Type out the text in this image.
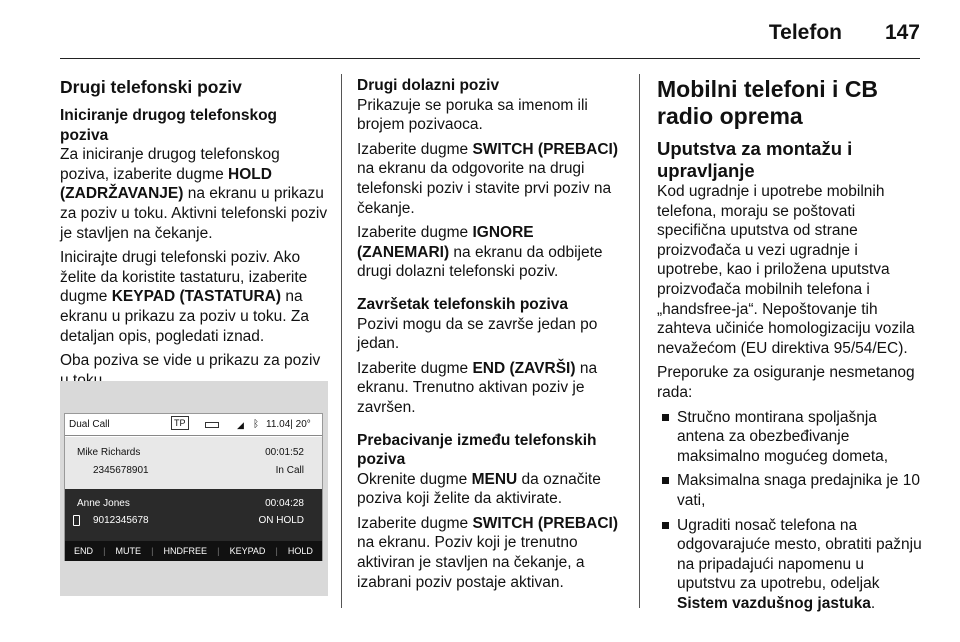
Telefon 147
Drugi telefonski poziv
Iniciranje drugog telefonskog poziva

Za iniciranje drugog telefonskog poziva, izaberite dugme HOLD (ZADRŽAVANJE) na ekranu u prikazu za poziv u toku. Aktivni telefonski poziv je stavljen na čekanje.

Inicirajte drugi telefonski poziv. Ako želite da koristite tastaturu, izaberite dugme KEYPAD (TASTATURA) na ekranu u prikazu za poziv u toku. Za detaljan opis, pogledati iznad.

Oba poziva se vide u prikazu za poziv

Dual Call	TP	◢ ᛒ 11.04| 20°
Mike Richards
2345678901
00:01:52
In Call
Anne Jones
9012345678
00:04:28
ON HOLD
END | MUTE | HNDFREE | KEYPAD | HOLD
Drugi dolazni poziv

Prikazuje se poruka sa imenom ili brojem pozivaoca.

Izaberite dugme SWITCH (PREBACI) na ekranu da odgovorite na drugi telefonski poziv i stavite prvi poziv na čekanje.

Izaberite dugme IGNORE (ZANEMARI) na ekranu da odbijete drugi dolazni telefonski poziv.

Završetak telefonskih poziva

Pozivi mogu da se završe jedan po jedan.

Izaberite dugme END (ZAVRŠI) na ekranu. Trenutno aktivan poziv je završen.

Prebacivanje između telefonskih poziva

Okrenite dugme MENU da označite poziva koji želite da aktivirate.

Izaberite dugme SWITCH (PREBACI) na ekranu. Poziv koji je trenutno aktiviran je stavljen na čekanje, a izabrani poziv postaje aktivan.

Mobilni telefoni i CB radio oprema
Uputstva za montažu i upravljanje

Kod ugradnje i upotrebe mobilnih telefona, moraju se poštovati specifična uputstva od strane proizvođača u vezi ugradnje i upotrebe, kao i priložena uputstva proizvođača mobilnih telefona i „handsfree-ja“. Nepoštovanje tih zahteva učiniće homologizaciju vozila nevažećom (EU direktiva 95/54/EC).

Preporuke za osiguranje nesmetanog rada:

Stručno montirana spoljašnja antena za obezbeđivanje maksimalno mogućeg dometa,
Maksimalna snaga predajnika je 10 vati,
Ugraditi nosač telefona na odgovarajuće mesto, obratiti pažnju na pripadajući napomenu u uputstvu za upotrebu, odeljak Sistem vazdušnog jastuka.
